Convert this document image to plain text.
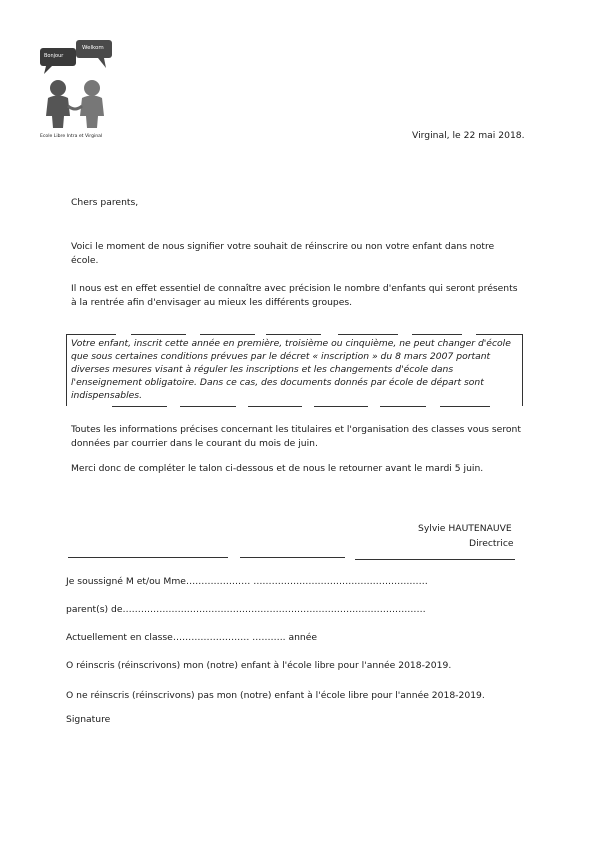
Bonjour
Welkom
Ecole Libre Intra et Virginal	Virginal, le 22 mai 2018.
Chers parents,
Voici le moment de nous signifier votre souhait de réinscrire ou non votre enfant dans notre école.
Il nous est en effet essentiel de connaître avec précision le nombre d'enfants qui seront présents à la rentrée afin d'envisager au mieux les différents groupes.
Votre enfant, inscrit cette année en première, troisième ou cinquième, ne peut changer d'école
que sous certaines conditions prévues par le décret « inscription » du 8 mars 2007 portant
diverses mesures visant à réguler les inscriptions et les changements d'école dans
l'enseignement obligatoire. Dans ce cas, des documents donnés par école de départ sont
indispensables.
Toutes les informations précises concernant les titulaires et l'organisation des classes vous seront données par courrier dans le courant du mois de juin.
Merci donc de compléter le talon ci-dessous et de nous le retourner avant le mardi 5 juin.
Sylvie HAUTENAUVE
Directrice
Je soussigné M et/ou Mme………………… …………………………………………………
parent(s) de………………………………………………………………………………………
Actuellement en classe……………………. ……….. année
O réinscris (réinscrivons) mon (notre) enfant à l'école libre pour l'année 2018-2019.
O ne réinscris (réinscrivons) pas mon (notre) enfant à l'école libre pour l'année 2018-2019.
Signature
